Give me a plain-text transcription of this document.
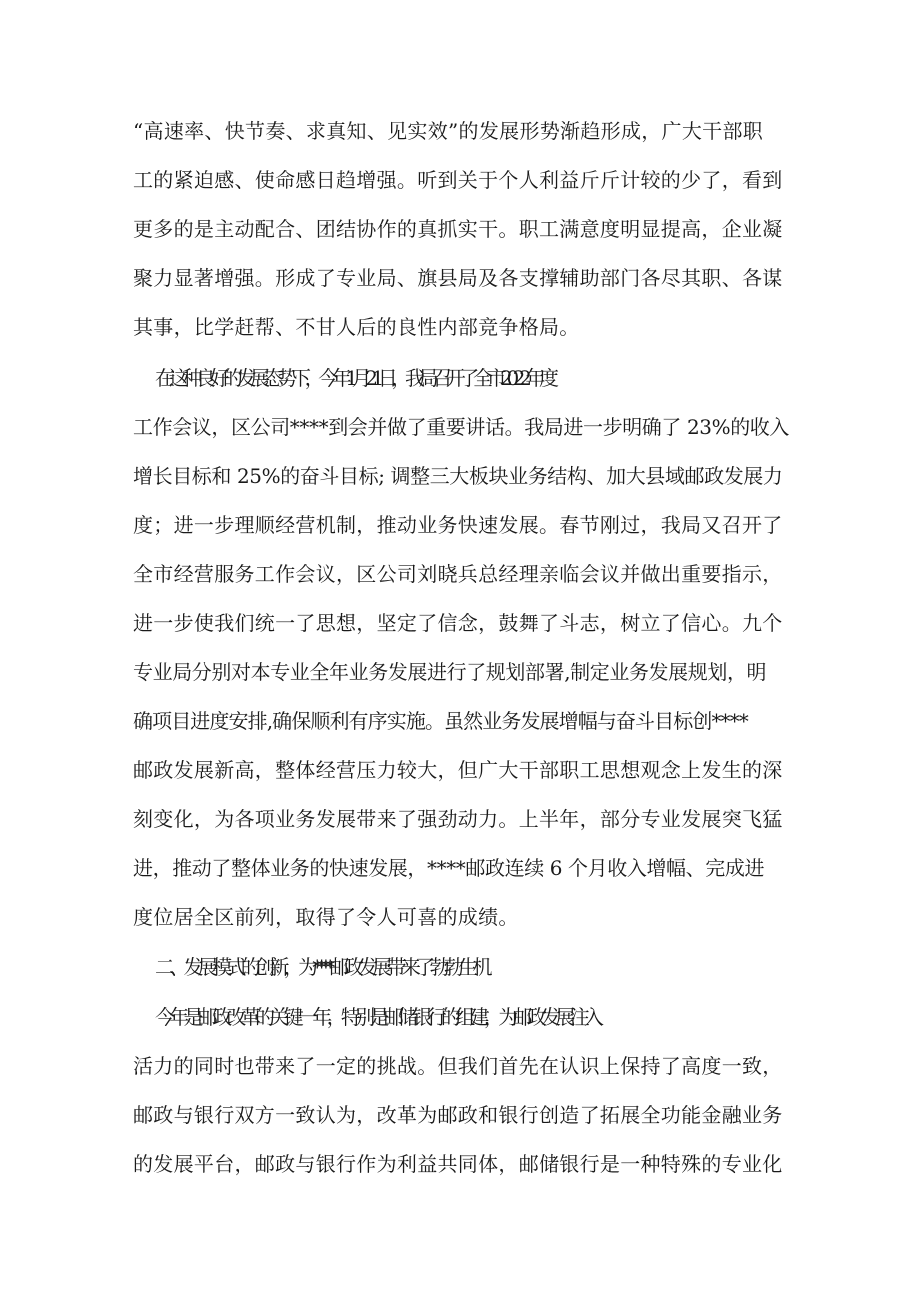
“高速率、快节奏、求真知、见实效”的发展形势渐趋形成，广大干部职
工的紧迫感、使命感日趋增强。听到关于个人利益斤斤计较的少了，看到
更多的是主动配合、团结协作的真抓实干。职工满意度明显提高，企业凝
聚力显著增强。形成了专业局、旗县局及各支撑辅助部门各尽其职、各谋
其事，比学赶帮、不甘人后的良性内部竞争格局。
在这种良好的发展态势下，今年 1 月 21 日，我局召开了全市 2022 年度
工作会议，区公司****到会并做了重要讲话。我局进一步明确了 23%的收入
增长目标和 25%的奋斗目标; 调整三大板块业务结构、加大县域邮政发展力
度；进一步理顺经营机制，推动业务快速发展。春节刚过，我局又召开了
全市经营服务工作会议，区公司刘晓兵总经理亲临会议并做出重要指示，
进一步使我们统一了思想，坚定了信念，鼓舞了斗志，树立了信心。九个
专业局分别对本专业全年业务发展进行了规划部署,制定业务发展规划，明
确项目进度安排,确保顺利有序实施。虽然业务发展增幅与奋斗目标创****
邮政发展新高，整体经营压力较大，但广大干部职工思想观念上发生的深
刻变化，为各项业务发展带来了强劲动力。上半年，部分专业发展突飞猛
进，推动了整体业务的快速发展，****邮政连续 6 个月收入增幅、完成进
度位居全区前列，取得了令人可喜的成绩。
二、发展模式的创新，为****邮政发展带来了勃勃生机
今年是邮政改革的关键一年，特别是邮储银行的组建，为邮政发展注入
活力的同时也带来了一定的挑战。但我们首先在认识上保持了高度一致，
邮政与银行双方一致认为，改革为邮政和银行创造了拓展全功能金融业务
的发展平台，邮政与银行作为利益共同体，邮储银行是一种特殊的专业化
